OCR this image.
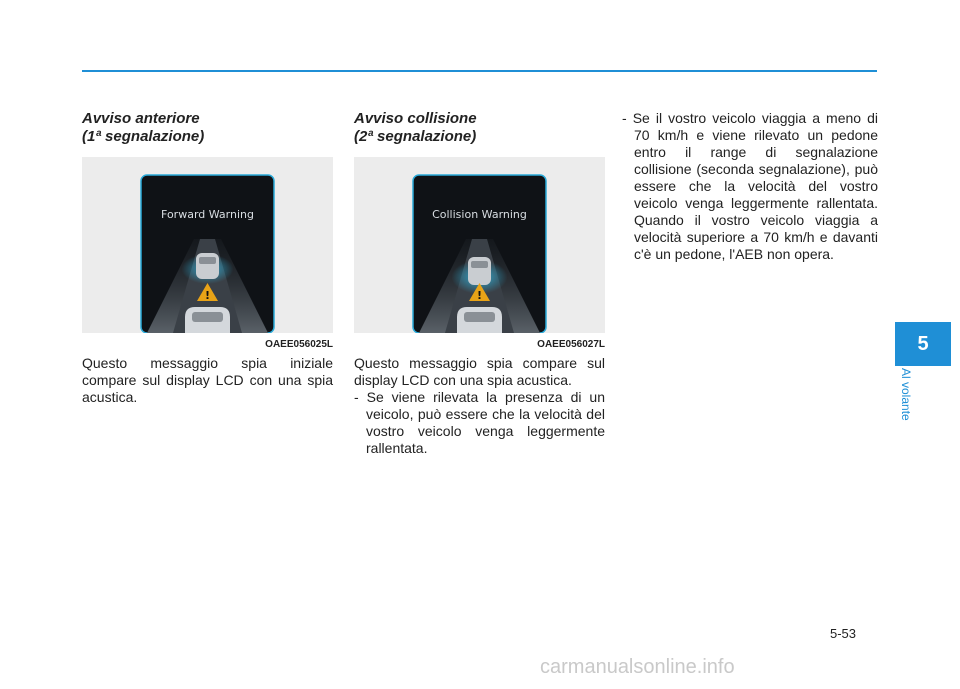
Avviso anteriore
(1ª segnalazione)

Avviso collisione
(2ª segnalazione)

Forward Warning
!
OAEE056025L
Collision Warning
!
OAEE056027L
Questo messaggio spia iniziale compare sul display LCD con una spia acustica.
Questo messaggio spia compare sul display LCD con una spia acustica.
- Se viene rilevata la presenza di un veicolo, può essere che la velocità del vostro veicolo venga leggermente rallentata.
- Se il vostro veicolo viaggia a meno di 70 km/h e viene rilevato un pedone entro il range di segnalazione collisione (seconda segnalazione), può essere che la velocità del vostro veicolo venga leggermente rallentata. Quando il vostro veicolo viaggia a velocità superiore a 70 km/h e davanti c'è un pedone, l'AEB non opera.
5
Al volante
5-53
carmanualsonline.info
